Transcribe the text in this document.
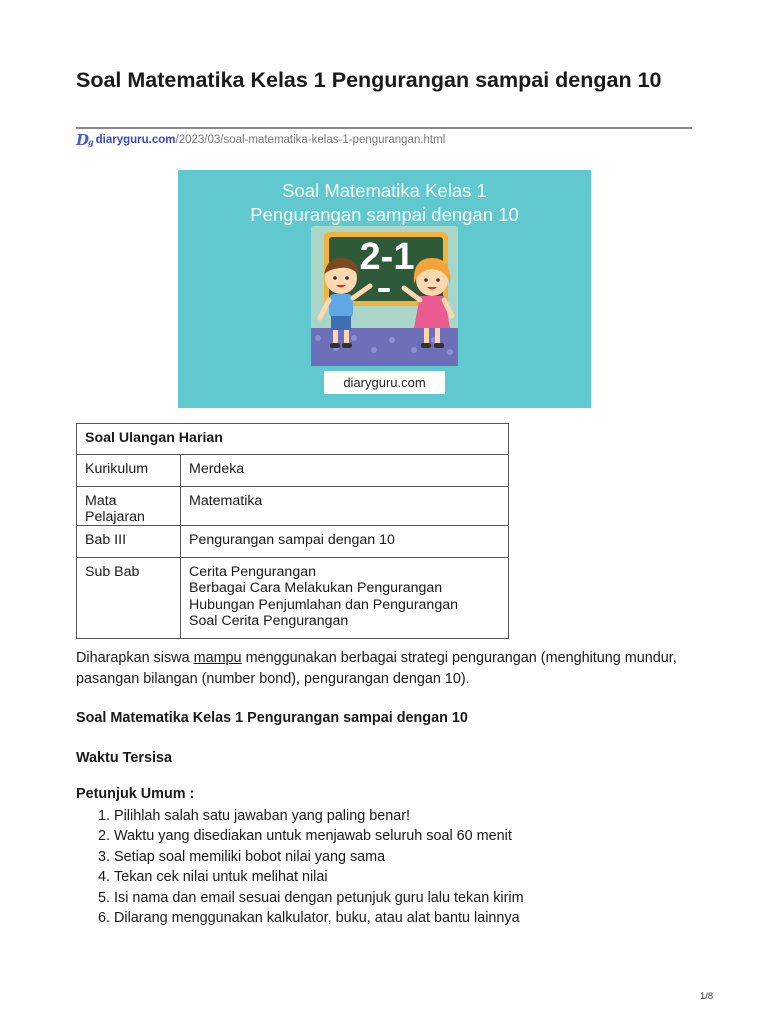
Soal Matematika Kelas 1 Pengurangan sampai dengan 10
Dg diaryguru.com/2023/03/soal-matematika-kelas-1-pengurangan.html
Soal Matematika Kelas 1
Pengurangan sampai dengan 10
2-1
diaryguru.com
Soal Ulangan Harian	
Kurikulum	Merdeka
Mata Pelajaran	Matematika
Bab III	Pengurangan sampai dengan 10
Sub Bab	Cerita Pengurangan
Berbagai Cara Melakukan Pengurangan
Hubungan Penjumlahan dan Pengurangan
Soal Cerita Pengurangan

Diharapkan siswa mampu menggunakan berbagai strategi pengurangan (menghitung mundur, pasangan bilangan (number bond), pengurangan dengan 10).

Soal Matematika Kelas 1 Pengurangan sampai dengan 10

Waktu Tersisa

Petunjuk Umum :

1. Pilihlah salah satu jawaban yang paling benar!
2. Waktu yang disediakan untuk menjawab seluruh soal 60 menit
3. Setiap soal memiliki bobot nilai yang sama
4. Tekan cek nilai untuk melihat nilai
5. Isi nama dan email sesuai dengan petunjuk guru lalu tekan kirim
6. Dilarang menggunakan kalkulator, buku, atau alat bantu lainnya
1/8
